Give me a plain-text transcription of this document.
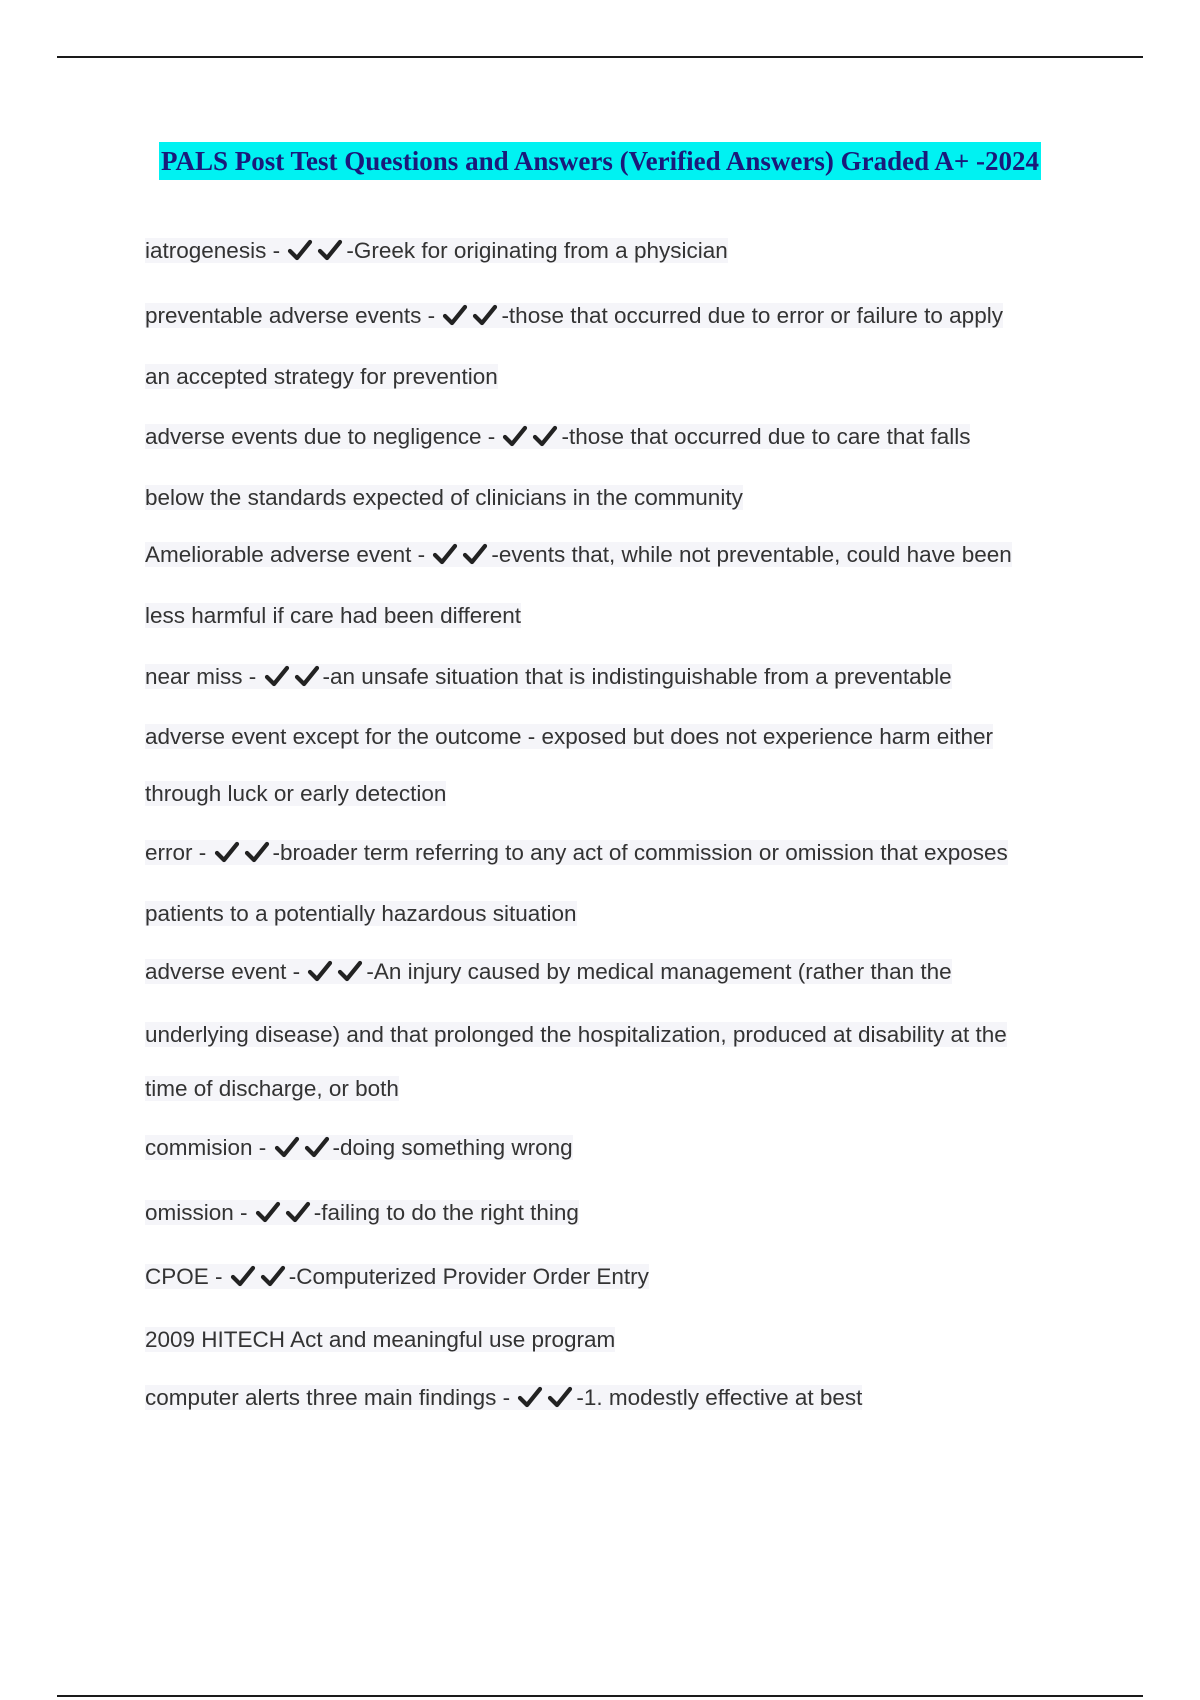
PALS Post Test Questions and Answers (Verified Answers) Graded A+ -2024
iatrogenesis -	-Greek for originating from a physician
preventable adverse events -	-those that occurred due to error or failure to apply
an accepted strategy for prevention
adverse events due to negligence -	-those that occurred due to care that falls
below the standards expected of clinicians in the community
Ameliorable adverse event -	-events that, while not preventable, could have been
less harmful if care had been different
near miss -	-an unsafe situation that is indistinguishable from a preventable
adverse event except for the outcome - exposed but does not experience harm either
through luck or early detection
error -	-broader term referring to any act of commission or omission that exposes
patients to a potentially hazardous situation
adverse event -	-An injury caused by medical management (rather than the
underlying disease) and that prolonged the hospitalization, produced at disability at the
time of discharge, or both
commision -	-doing something wrong
omission -	-failing to do the right thing
CPOE -	-Computerized Provider Order Entry
2009 HITECH Act and meaningful use program
computer alerts three main findings -	-1. modestly effective at best
